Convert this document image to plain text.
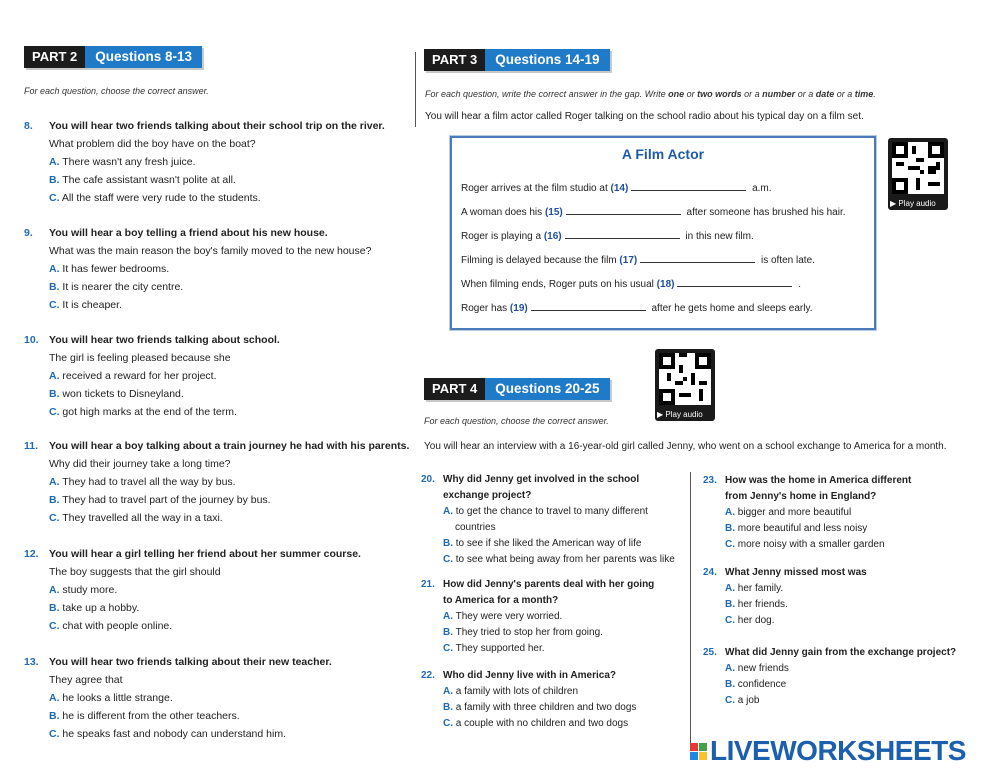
PART 2	Questions 8-13
For each question, choose the correct answer.
8. You will hear two friends talking about their school trip on the river.
What problem did the boy have on the boat?
A. There wasn't any fresh juice.
B. The cafe assistant wasn't polite at all.
C. All the staff were very rude to the students.
9. You will hear a boy telling a friend about his new house.
What was the main reason the boy's family moved to the new house?
A. It has fewer bedrooms.
B. It is nearer the city centre.
C. It is cheaper.
10. You will hear two friends talking about school.
The girl is feeling pleased because she
A. received a reward for her project.
B. won tickets to Disneyland.
C. got high marks at the end of the term.
11. You will hear a boy talking about a train journey he had with his parents.
Why did their journey take a long time?
A. They had to travel all the way by bus.
B. They had to travel part of the journey by bus.
C. They travelled all the way in a taxi.
12. You will hear a girl telling her friend about her summer course.
The boy suggests that the girl should
A. study more.
B. take up a hobby.
C. chat with people online.
13. You will hear two friends talking about their new teacher.
They agree that
A. he looks a little strange.
B. he is different from the other teachers.
C. he speaks fast and nobody can understand him.
PART 3	Questions 14-19
For each question, write the correct answer in the gap. Write one or two words or a number or a date or a time.
You will hear a film actor called Roger talking on the school radio about his typical day on a film set.
A Film Actor
Roger arrives at the film studio at (14)	a.m.
A woman does his (15)	after someone has brushed his hair.
Roger is playing a (16)	in this new film.
Filming is delayed because the film (17)	is often late.
When filming ends, Roger puts on his usual (18)	.
Roger has (19)	after he gets home and sleeps early.
▶ Play audio
▶ Play audio
PART 4	Questions 20-25
For each question, choose the correct answer.
You will hear an interview with a 16-year-old girl called Jenny, who went on a school exchange to America for a month.
20. Why did Jenny get involved in the school
exchange project?
A. to get the chance to travel to many different
countries
B. to see if she liked the American way of life
C. to see what being away from her parents was like
21. How did Jenny's parents deal with her going
to America for a month?
A. They were very worried.
B. They tried to stop her from going.
C. They supported her.
22. Who did Jenny live with in America?
A. a family with lots of children
B. a family with three children and two dogs
C. a couple with no children and two dogs
23. How was the home in America different
from Jenny's home in England?
A. bigger and more beautiful
B. more beautiful and less noisy
C. more noisy with a smaller garden
24. What Jenny missed most was
A. her family.
B. her friends.
C. her dog.
25. What did Jenny gain from the exchange project?
A. new friends
B. confidence
C. a job
LIVEWORKSHEETS
